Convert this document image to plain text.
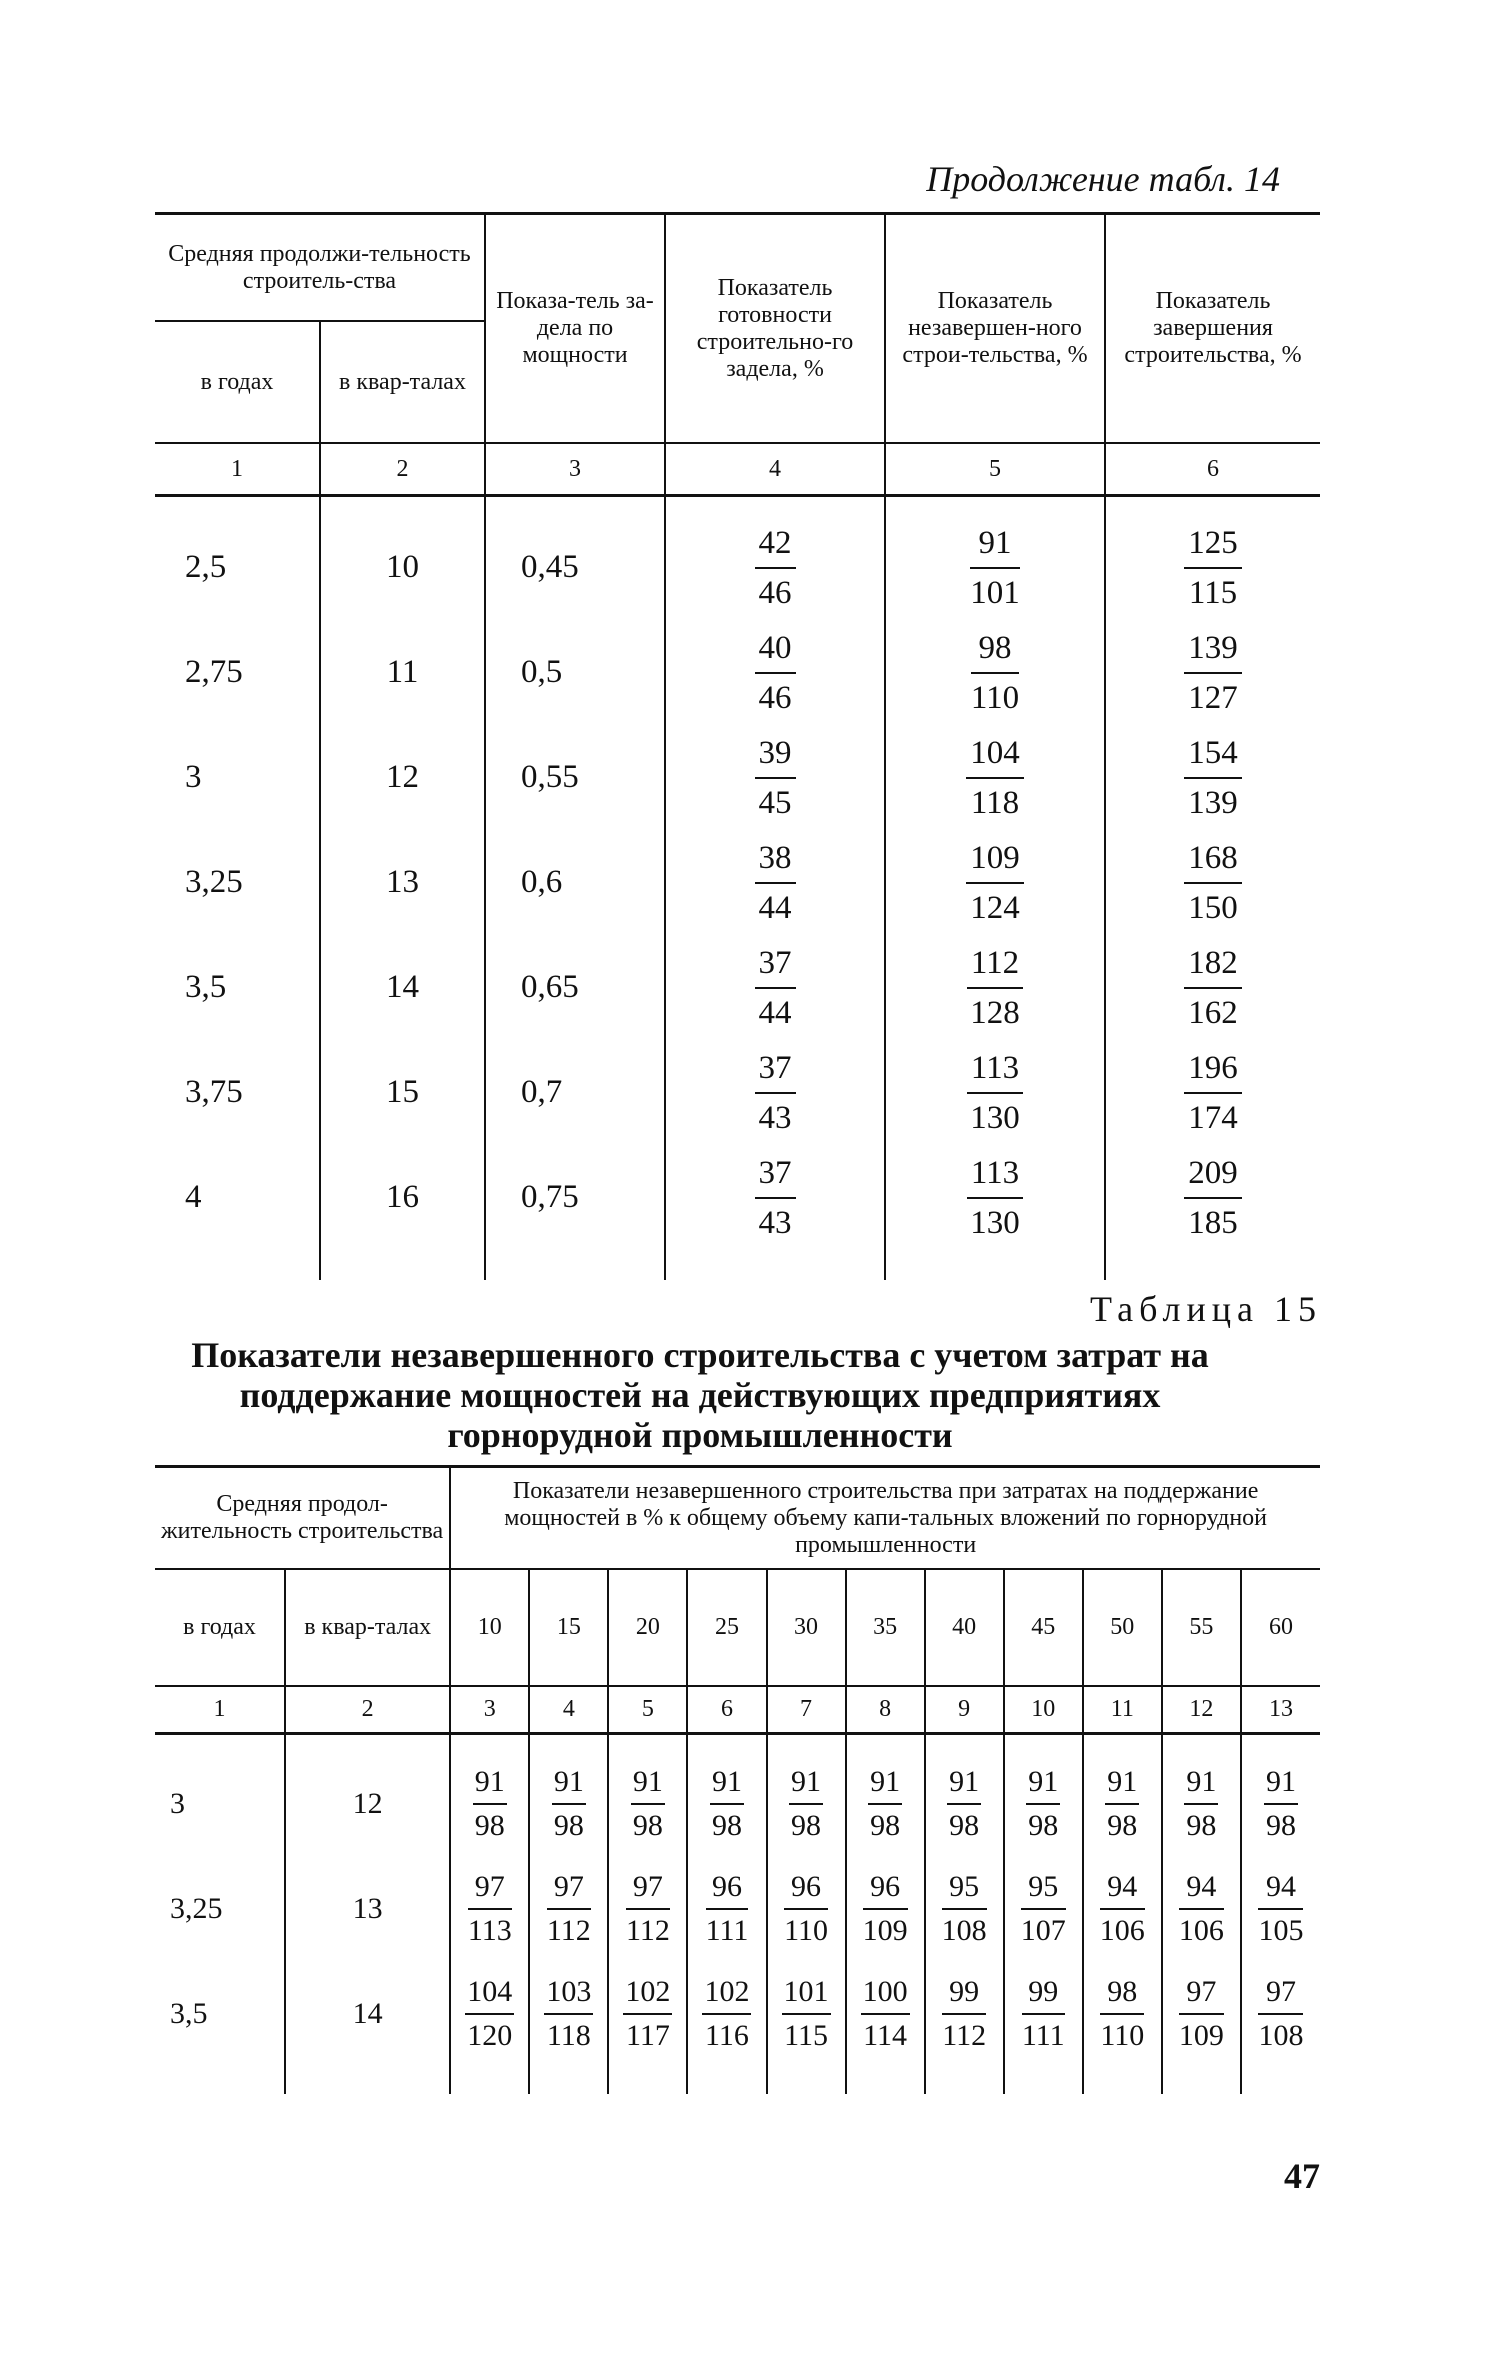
Продолжение табл. 14
Средняя продолжи-тельность строитель-ства		Показа-тель за-дела по мощности	Показатель готовности строительно-го задела, %	Показатель незавершен-ного строи-тельства, %	Показатель завершения строительства, %
в годах	в квар-талах				
1	2	3	4	5	6
2,5	10	0,45	$\frac{42}{46}$	$\frac{91}{101}$	$\frac{125}{115}$

2,75	11	0,5	$\frac{40}{46}$	$\frac{98}{110}$	$\frac{139}{127}$

3	12	0,55	$\frac{39}{45}$	$\frac{104}{118}$	$\frac{154}{139}$

3,25	13	0,6	$\frac{38}{44}$	$\frac{109}{124}$	$\frac{168}{150}$

3,5	14	0,65	$\frac{37}{44}$	$\frac{112}{128}$	$\frac{182}{162}$

3,75	15	0,7	$\frac{37}{43}$	$\frac{113}{130}$	$\frac{196}{174}$

4	16	0,75	$\frac{37}{43}$	$\frac{113}{130}$	$\frac{209}{185}$
Таблица 15
Показатели незавершенного строительства с учетом затрат на поддержание мощностей на действующих предприятиях горнорудной промышленности
Средняя продол-жительность строительства		Показатели незавершенного строительства при затратах на поддержание мощностей в % к общему объему капи-тальных вложений по горнорудной промышленности										
в годах	в квар-талах	10	15	20	25	30	35	40	45	50	55	60
1	2	3	4	5	6	7	8	9	10	11	12	13
3	12	$\frac{91}{98}$	$\frac{91}{98}$	$\frac{91}{98}$	$\frac{91}{98}$	$\frac{91}{98}$	$\frac{91}{98}$	$\frac{91}{98}$	$\frac{91}{98}$	$\frac{91}{98}$	$\frac{91}{98}$	$\frac{91}{98}$

3,25	13	$\frac{97}{113}$	$\frac{97}{112}$	$\frac{97}{112}$	$\frac{96}{111}$	$\frac{96}{110}$	$\frac{96}{109}$	$\frac{95}{108}$	$\frac{95}{107}$	$\frac{94}{106}$	$\frac{94}{106}$	$\frac{94}{105}$

3,5	14	$\frac{104}{120}$	$\frac{103}{118}$	$\frac{102}{117}$	$\frac{102}{116}$	$\frac{101}{115}$	$\frac{100}{114}$	$\frac{99}{112}$	$\frac{99}{111}$	$\frac{98}{110}$	$\frac{97}{109}$	$\frac{97}{108}$
47
